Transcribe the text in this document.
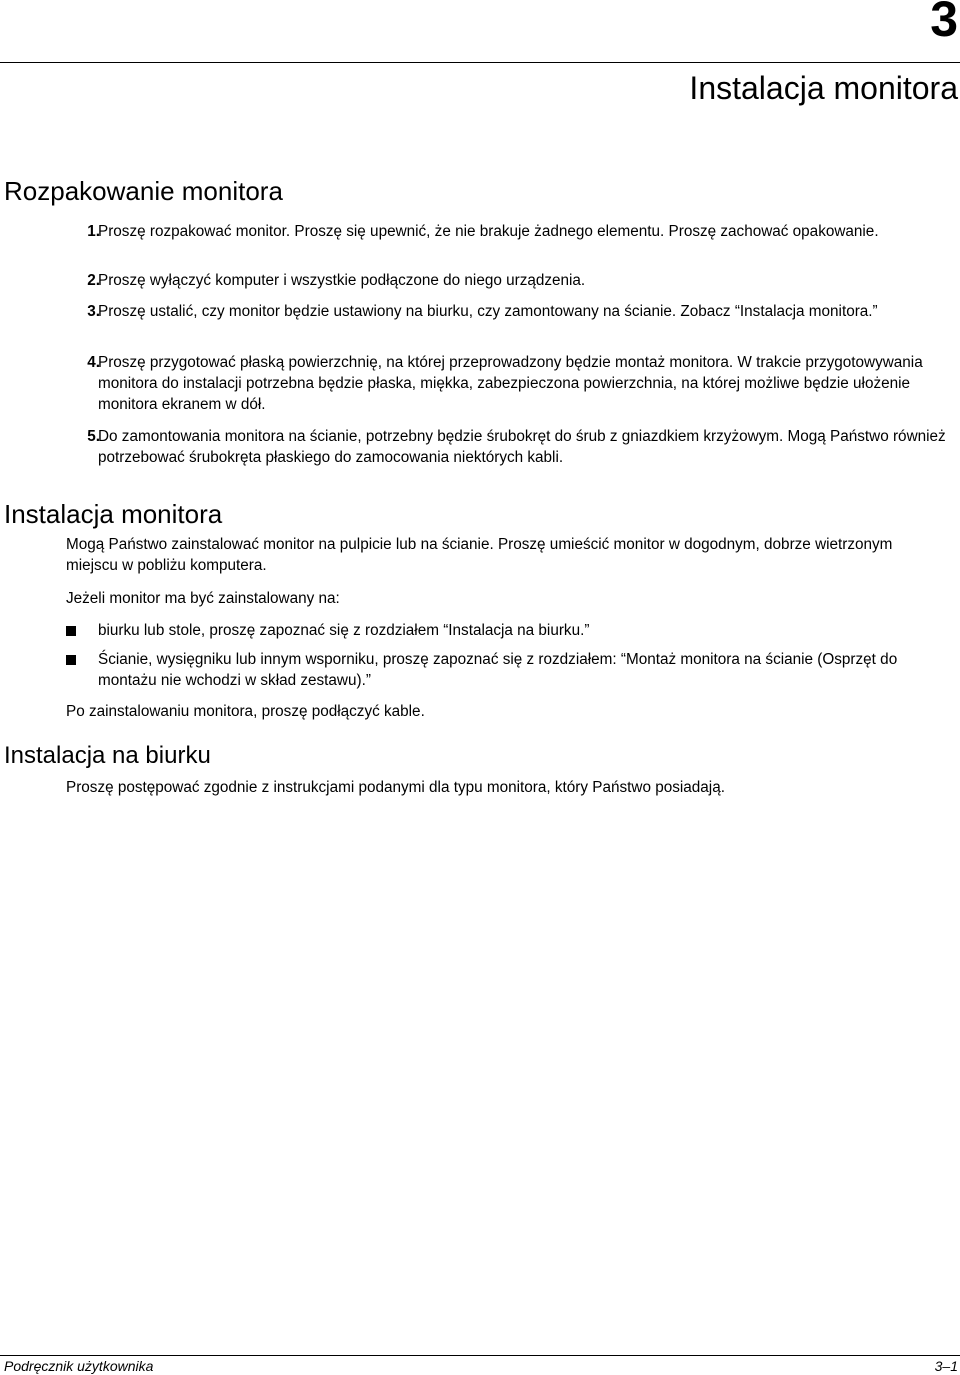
3
Instalacja monitora
Rozpakowanie monitora
1.
Proszę rozpakować monitor. Proszę się upewnić, że nie brakuje żadnego elementu. Proszę zachować opakowanie.
2.
Proszę wyłączyć komputer i wszystkie podłączone do niego urządzenia.
3.
Proszę ustalić, czy monitor będzie ustawiony na biurku, czy zamontowany na ścianie. Zobacz “Instalacja monitora.”
4.
Proszę przygotować płaską powierzchnię, na której przeprowadzony będzie montaż monitora. W trakcie przygotowywania monitora do instalacji potrzebna będzie płaska, miękka, zabezpieczona powierzchnia, na której możliwe będzie ułożenie monitora ekranem w dół.
5.
Do zamontowania monitora na ścianie, potrzebny będzie śrubokręt do śrub z gniazdkiem krzyżowym. Mogą Państwo również potrzebować śrubokręta płaskiego do zamocowania niektórych kabli.
Instalacja monitora
Mogą Państwo zainstalować monitor na pulpicie lub na ścianie. Proszę umieścić monitor w dogodnym, dobrze wietrzonym miejscu w pobliżu komputera.
Jeżeli monitor ma być zainstalowany na:
biurku lub stole, proszę zapoznać się z rozdziałem “Instalacja na biurku.”
Ścianie, wysięgniku lub innym wsporniku, proszę zapoznać się z rozdziałem: “Montaż monitora na ścianie (Osprzęt do montażu nie wchodzi w skład zestawu).”
Po zainstalowaniu monitora, proszę podłączyć kable.
Instalacja na biurku
Proszę postępować zgodnie z instrukcjami podanymi dla typu monitora, który Państwo posiadają.
Podręcznik użytkownika	3–1
